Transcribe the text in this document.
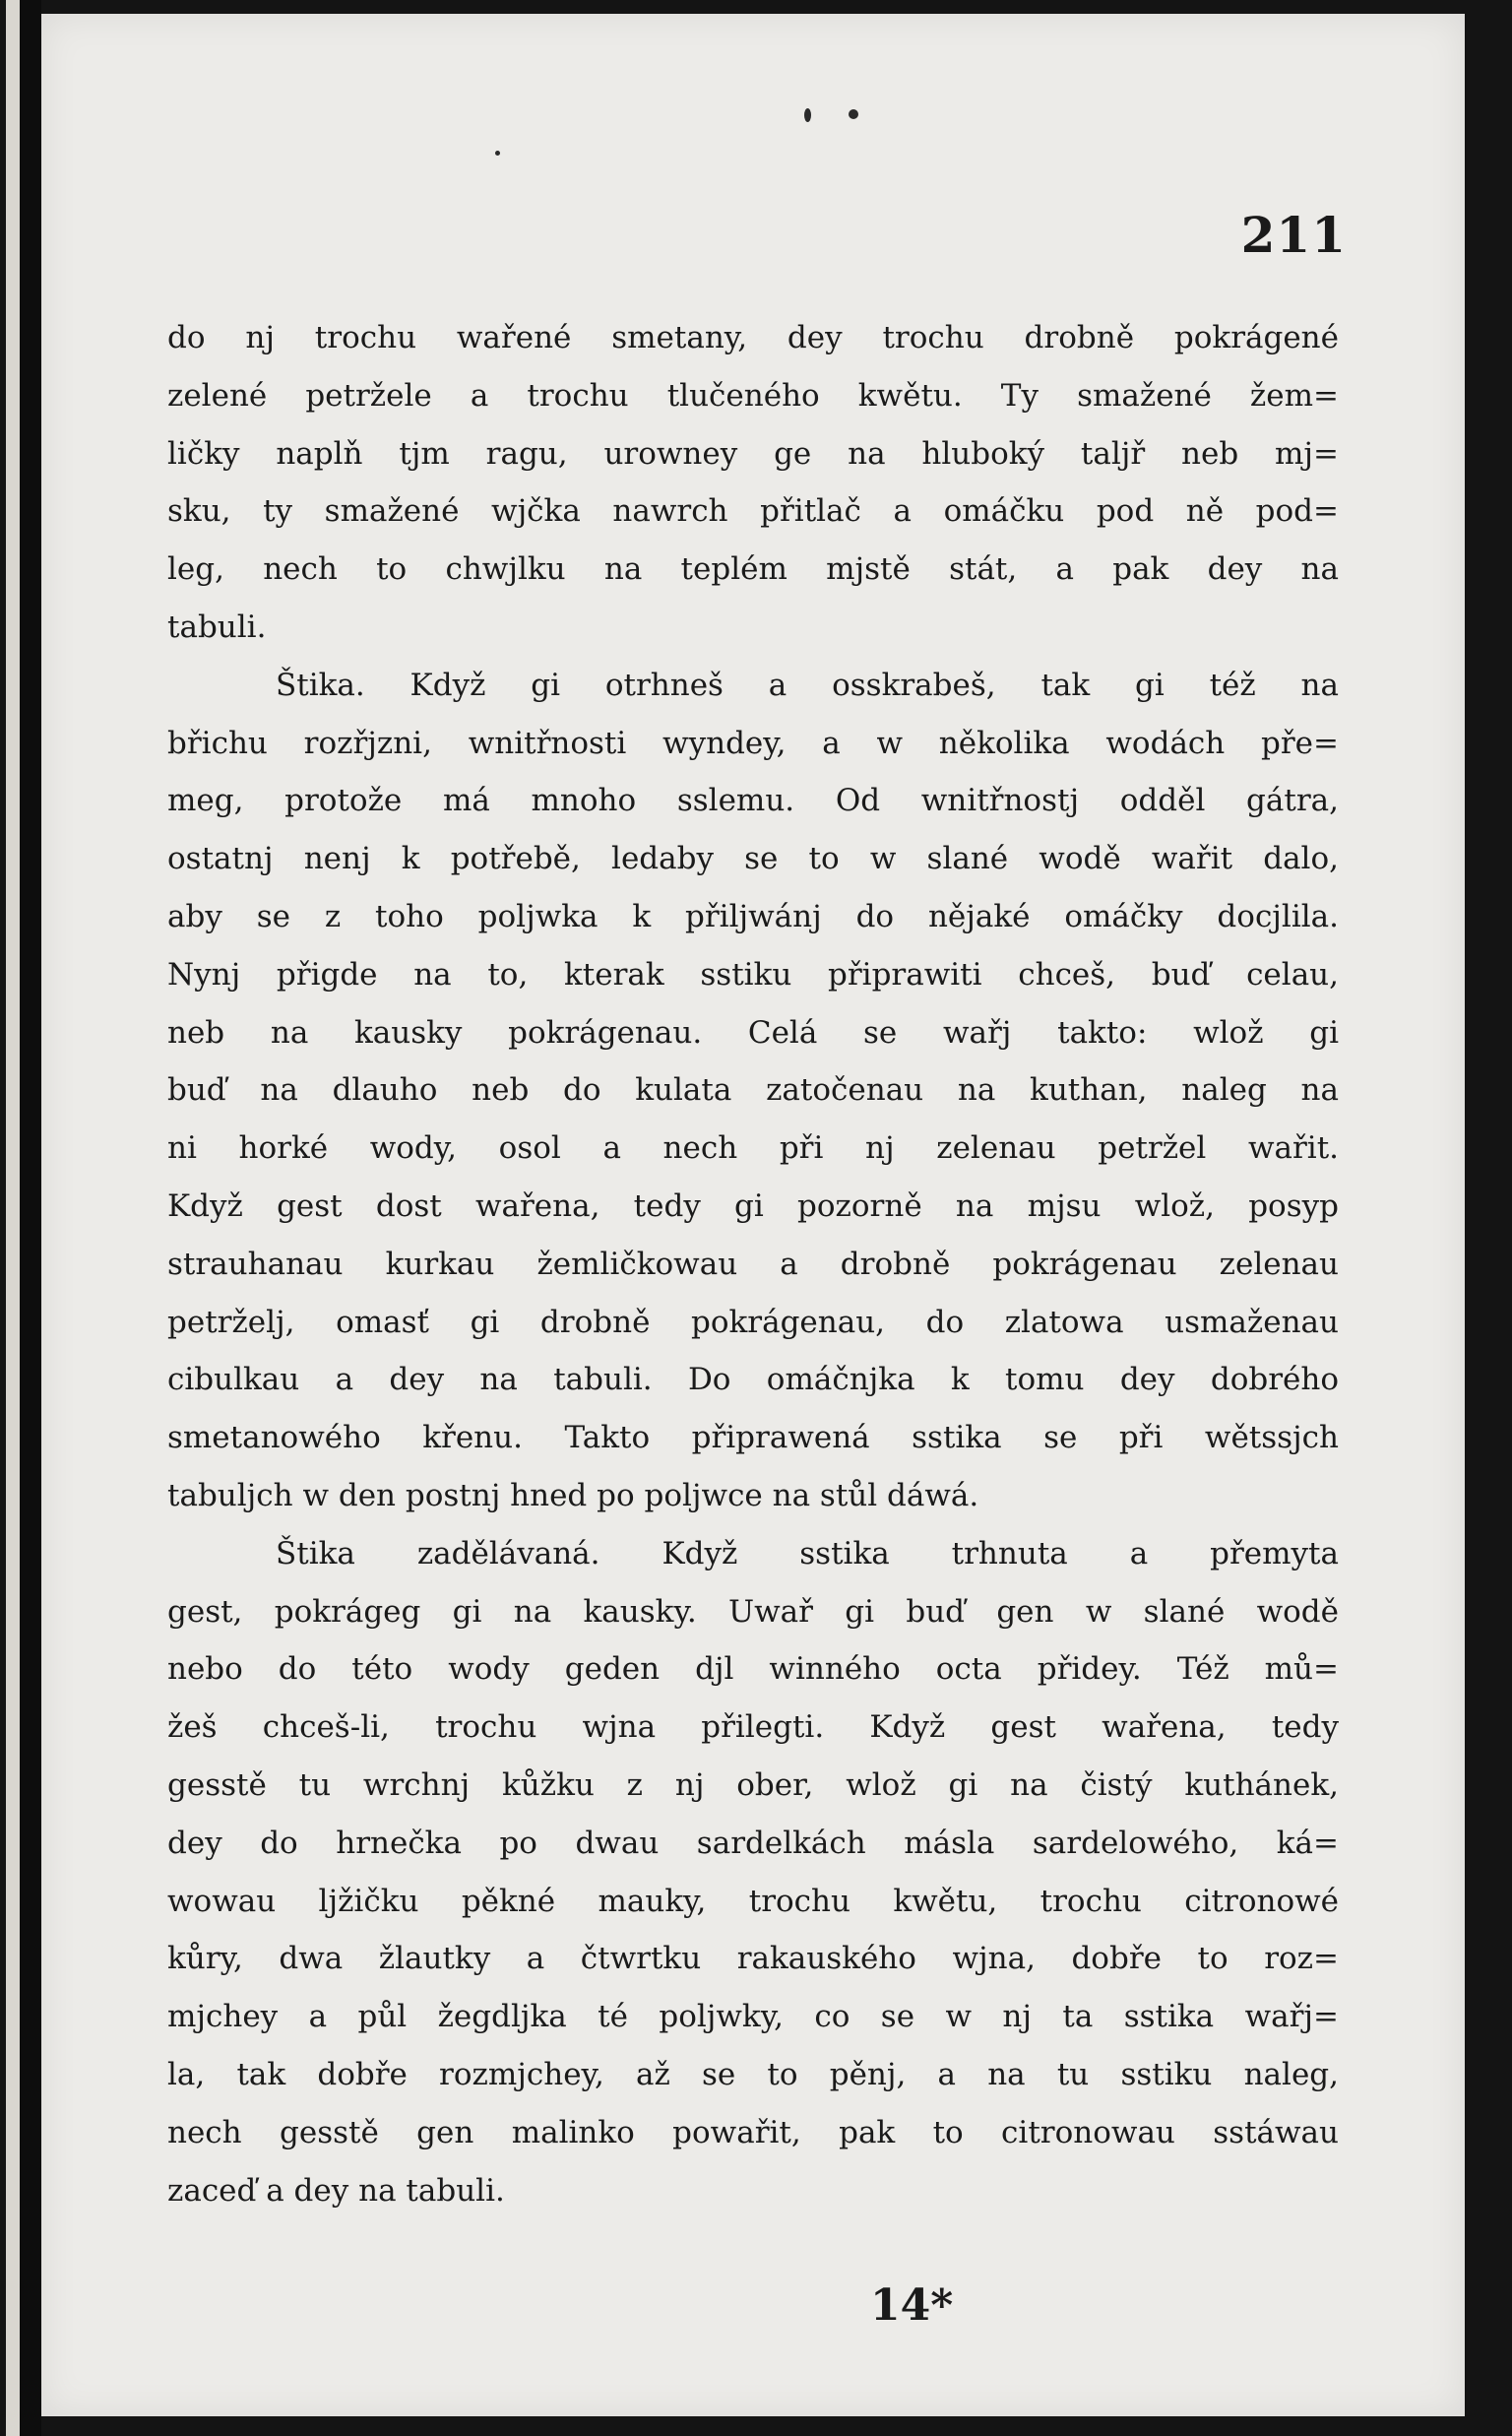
211
do nj trochu wařené smetany, dey trochu drobně pokrágené
zelené petržele a trochu tlučeného kwětu. Ty smažené žem=
ličky naplň tjm ragu, urowney ge na hluboký taljř neb mj=
sku, ty smažené wjčka nawrch přitlač a omáčku pod ně pod=
leg, nech to chwjlku na teplém mjstě stát, a pak dey na
tabuli.
Štika. Když gi otrhneš a osskrabeš, tak gi též na
břichu rozřjzni, wnitřnosti wyndey, a w několika wodách pře=
meg, protože má mnoho sslemu. Od wnitřnostj odděl gátra,
ostatnj nenj k potřebě, ledaby se to w slané wodě wařit dalo,
aby se z toho poljwka k přiljwánj do nějaké omáčky docjlila.
Nynj přigde na to, kterak sstiku připrawiti chceš, buď celau,
neb na kausky pokrágenau. Celá se wařj takto: wlož gi
buď na dlauho neb do kulata zatočenau na kuthan, naleg na
ni horké wody, osol a nech při nj zelenau petržel wařit.
Když gest dost wařena, tedy gi pozorně na mjsu wlož, posyp
strauhanau kurkau žemličkowau a drobně pokrágenau zelenau
petrželj, omasť gi drobně pokrágenau, do zlatowa usmaženau
cibulkau a dey na tabuli. Do omáčnjka k tomu dey dobrého
smetanowého křenu. Takto připrawená sstika se při wětssjch
tabuljch w den postnj hned po poljwce na stůl dáwá.
Štika zadělávaná. Když sstika trhnuta a přemyta
gest, pokrágeg gi na kausky. Uwař gi buď gen w slané wodě
nebo do této wody geden djl winného octa přidey. Též mů=
žeš chceš-li, trochu wjna přilegti. Když gest wařena, tedy
gesstě tu wrchnj kůžku z nj ober, wlož gi na čistý kuthánek,
dey do hrnečka po dwau sardelkách másla sardelowého, ká=
wowau ljžičku pěkné mauky, trochu kwětu, trochu citronowé
kůry, dwa žlautky a čtwrtku rakauského wjna, dobře to roz=
mjchey a půl žegdljka té poljwky, co se w nj ta sstika wařj=
la, tak dobře rozmjchey, až se to pěnj, a na tu sstiku naleg,
nech gesstě gen malinko powařit, pak to citronowau sstáwau
zaceď a dey na tabuli.
14*
